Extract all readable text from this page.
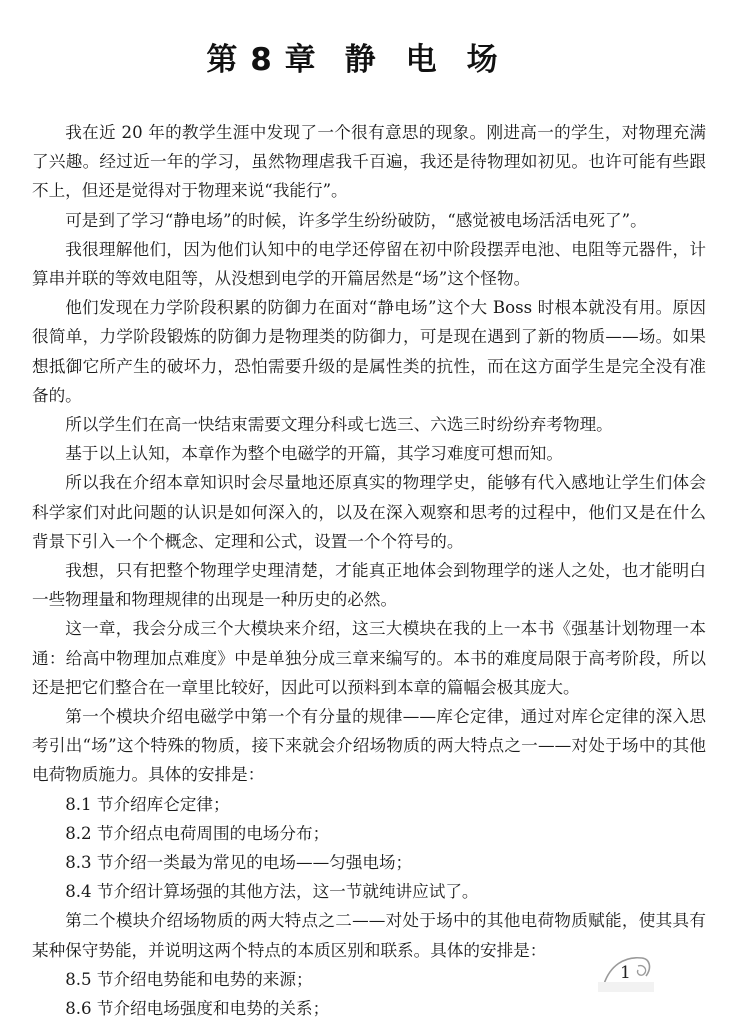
第 8 章 静电场

我在近 20 年的教学生涯中发现了一个很有意思的现象。刚进高一的学生，对物理充满了兴趣。经过近一年的学习，虽然物理虐我千百遍，我还是待物理如初见。也许可能有些跟不上，但还是觉得对于物理来说“我能行”。

可是到了学习“静电场”的时候，许多学生纷纷破防，“感觉被电场活活电死了”。

我很理解他们，因为他们认知中的电学还停留在初中阶段摆弄电池、电阻等元器件，计算串并联的等效电阻等，从没想到电学的开篇居然是“场”这个怪物。

他们发现在力学阶段积累的防御力在面对“静电场”这个大 Boss 时根本就没有用。原因很简单，力学阶段锻炼的防御力是物理类的防御力，可是现在遇到了新的物质——场。如果想抵御它所产生的破坏力，恐怕需要升级的是属性类的抗性，而在这方面学生是完全没有准备的。

所以学生们在高一快结束需要文理分科或七选三、六选三时纷纷弃考物理。

基于以上认知，本章作为整个电磁学的开篇，其学习难度可想而知。

所以我在介绍本章知识时会尽量地还原真实的物理学史，能够有代入感地让学生们体会科学家们对此问题的认识是如何深入的，以及在深入观察和思考的过程中，他们又是在什么背景下引入一个个概念、定理和公式，设置一个个符号的。

我想，只有把整个物理学史理清楚，才能真正地体会到物理学的迷人之处，也才能明白一些物理量和物理规律的出现是一种历史的必然。

这一章，我会分成三个大模块来介绍，这三大模块在我的上一本书《强基计划物理一本通：给高中物理加点难度》中是单独分成三章来编写的。本书的难度局限于高考阶段，所以还是把它们整合在一章里比较好，因此可以预料到本章的篇幅会极其庞大。

第一个模块介绍电磁学中第一个有分量的规律——库仑定律，通过对库仑定律的深入思考引出“场”这个特殊的物质，接下来就会介绍场物质的两大特点之一——对处于场中的其他电荷物质施力。具体的安排是：

8.1 节介绍库仑定律；

8.2 节介绍点电荷周围的电场分布；

8.3 节介绍一类最为常见的电场——匀强电场；

8.4 节介绍计算场强的其他方法，这一节就纯讲应试了。

第二个模块介绍场物质的两大特点之二——对处于场中的其他电荷物质赋能，使其具有某种保守势能，并说明这两个特点的本质区别和联系。具体的安排是：

8.5 节介绍电势能和电势的来源；

8.6 节介绍电场强度和电势的关系；

1
